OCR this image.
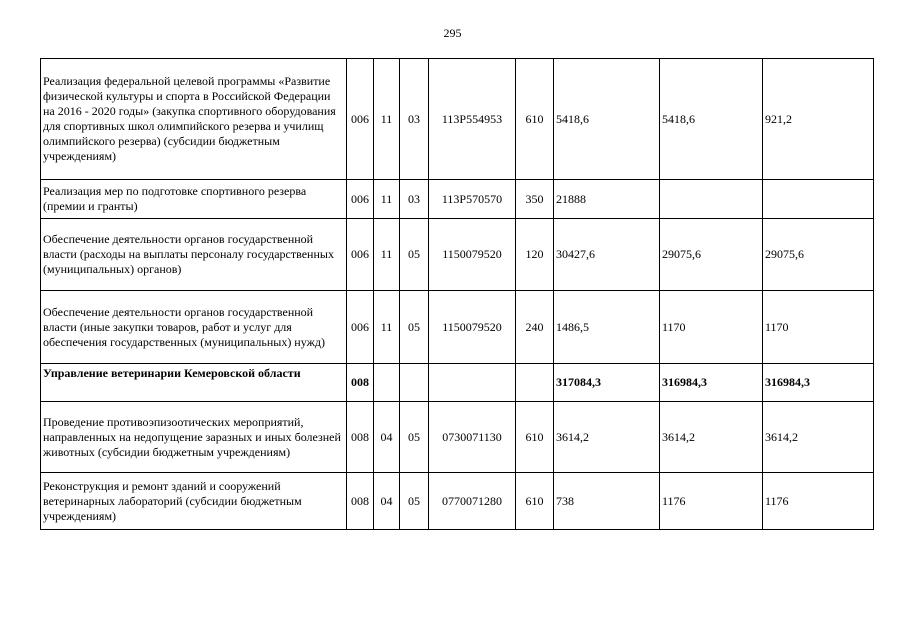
295
Реализация федеральной целевой программы «Развитие физической культуры и спорта в Российской Федерации на 2016 - 2020 годы» (закупка спортивного оборудования для спортивных школ олимпийского резерва и училищ олимпийского резерва) (субсидии бюджетным учреждениям)	006	11	03	113P554953	610	5418,6	5418,6	921,2
Реализация мер по подготовке спортивного резерва (премии и гранты)	006	11	03	113P570570	350	21888		
Обеспечение деятельности органов государственной власти (расходы на выплаты персоналу государственных (муниципальных) органов)	006	11	05	1150079520	120	30427,6	29075,6	29075,6
Обеспечение деятельности органов государственной власти (иные закупки товаров, работ и услуг для обеспечения государственных (муниципальных) нужд)	006	11	05	1150079520	240	1486,5	1170	1170
Управление ветеринарии Кемеровской области	008					317084,3	316984,3	316984,3
Проведение противоэпизоотических мероприятий, направленных на недопущение заразных и иных болезней животных (субсидии бюджетным учреждениям)	008	04	05	0730071130	610	3614,2	3614,2	3614,2
Реконструкция и ремонт зданий и сооружений ветеринарных лабораторий (субсидии бюджетным учреждениям)	008	04	05	0770071280	610	738	1176	1176
